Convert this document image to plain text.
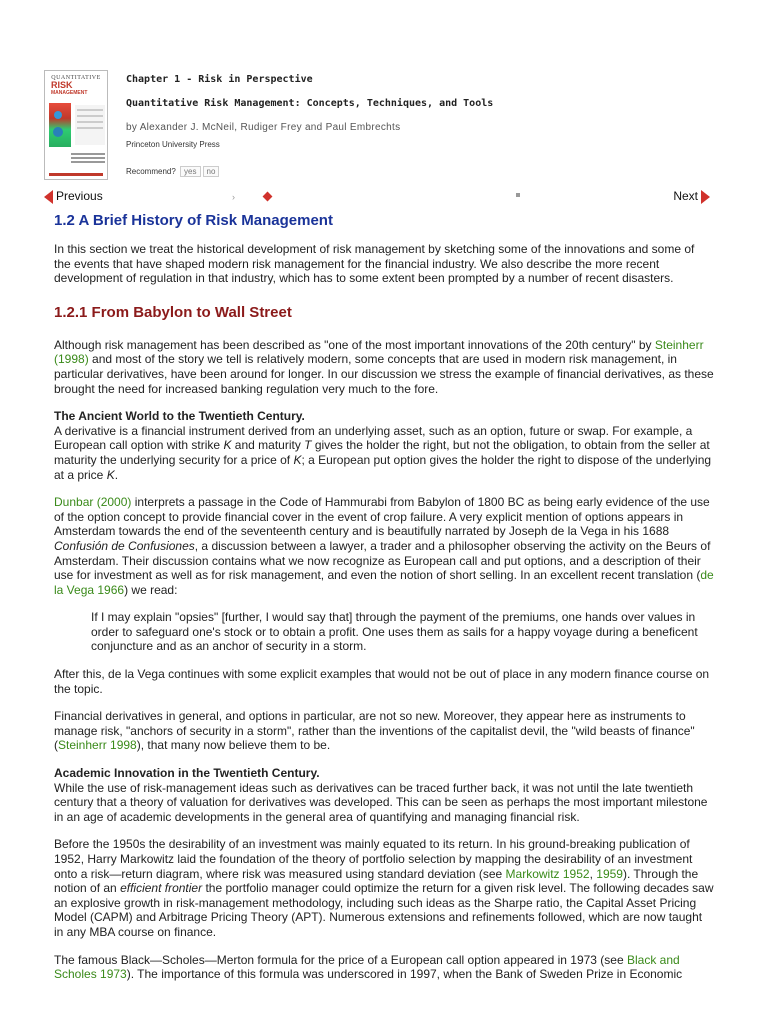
QUANTITATIVE
RISK
MANAGEMENT
Chapter 1 - Risk in Perspective
Quantitative Risk Management: Concepts, Techniques, and Tools
by Alexander J. McNeil, Rudiger Frey and Paul Embrechts
Princeton University Press
Recommend? yes no
Previous	›	Next
1.2 A Brief History of Risk Management

In this section we treat the historical development of risk management by sketching some of the innovations and some of the events that have shaped modern risk management for the financial industry. We also describe the more recent development of regulation in that industry, which has to some extent been prompted by a number of recent disasters.

1.2.1 From Babylon to Wall Street

Although risk management has been described as "one of the most important innovations of the 20th century" by Steinherr (1998) and most of the story we tell is relatively modern, some concepts that are used in modern risk management, in particular derivatives, have been around for longer. In our discussion we stress the example of financial derivatives, as these brought the need for increased banking regulation very much to the fore.

The Ancient World to the Twentieth Century.
A derivative is a financial instrument derived from an underlying asset, such as an option, future or swap. For example, a European call option with strike K and maturity T gives the holder the right, but not the obligation, to obtain from the seller at maturity the underlying security for a price of K; a European put option gives the holder the right to dispose of the underlying at a price K.

Dunbar (2000) interprets a passage in the Code of Hammurabi from Babylon of 1800 BC as being early evidence of the use of the option concept to provide financial cover in the event of crop failure. A very explicit mention of options appears in Amsterdam towards the end of the seventeenth century and is beautifully narrated by Joseph de la Vega in his 1688 Confusión de Confusiones, a discussion between a lawyer, a trader and a philosopher observing the activity on the Beurs of Amsterdam. Their discussion contains what we now recognize as European call and put options, and a description of their use for investment as well as for risk management, and even the notion of short selling. In an excellent recent translation (de la Vega 1966) we read:

If I may explain "opsies" [further, I would say that] through the payment of the premiums, one hands over values in order to safeguard one's stock or to obtain a profit. One uses them as sails for a happy voyage during a beneficent conjuncture and as an anchor of security in a storm.

After this, de la Vega continues with some explicit examples that would not be out of place in any modern finance course on the topic.

Financial derivatives in general, and options in particular, are not so new. Moreover, they appear here as instruments to manage risk, "anchors of security in a storm", rather than the inventions of the capitalist devil, the "wild beasts of finance" (Steinherr 1998), that many now believe them to be.

Academic Innovation in the Twentieth Century.
While the use of risk-management ideas such as derivatives can be traced further back, it was not until the late twentieth century that a theory of valuation for derivatives was developed. This can be seen as perhaps the most important milestone in an age of academic developments in the general area of quantifying and managing financial risk.

Before the 1950s the desirability of an investment was mainly equated to its return. In his ground-breaking publication of 1952, Harry Markowitz laid the foundation of the theory of portfolio selection by mapping the desirability of an investment onto a risk—return diagram, where risk was measured using standard deviation (see Markowitz 1952, 1959). Through the notion of an efficient frontier the portfolio manager could optimize the return for a given risk level. The following decades saw an explosive growth in risk-management methodology, including such ideas as the Sharpe ratio, the Capital Asset Pricing Model (CAPM) and Arbitrage Pricing Theory (APT). Numerous extensions and refinements followed, which are now taught in any MBA course on finance.

The famous Black—Scholes—Merton formula for the price of a European call option appeared in 1973 (see Black and Scholes 1973). The importance of this formula was underscored in 1997, when the Bank of Sweden Prize in Economic
